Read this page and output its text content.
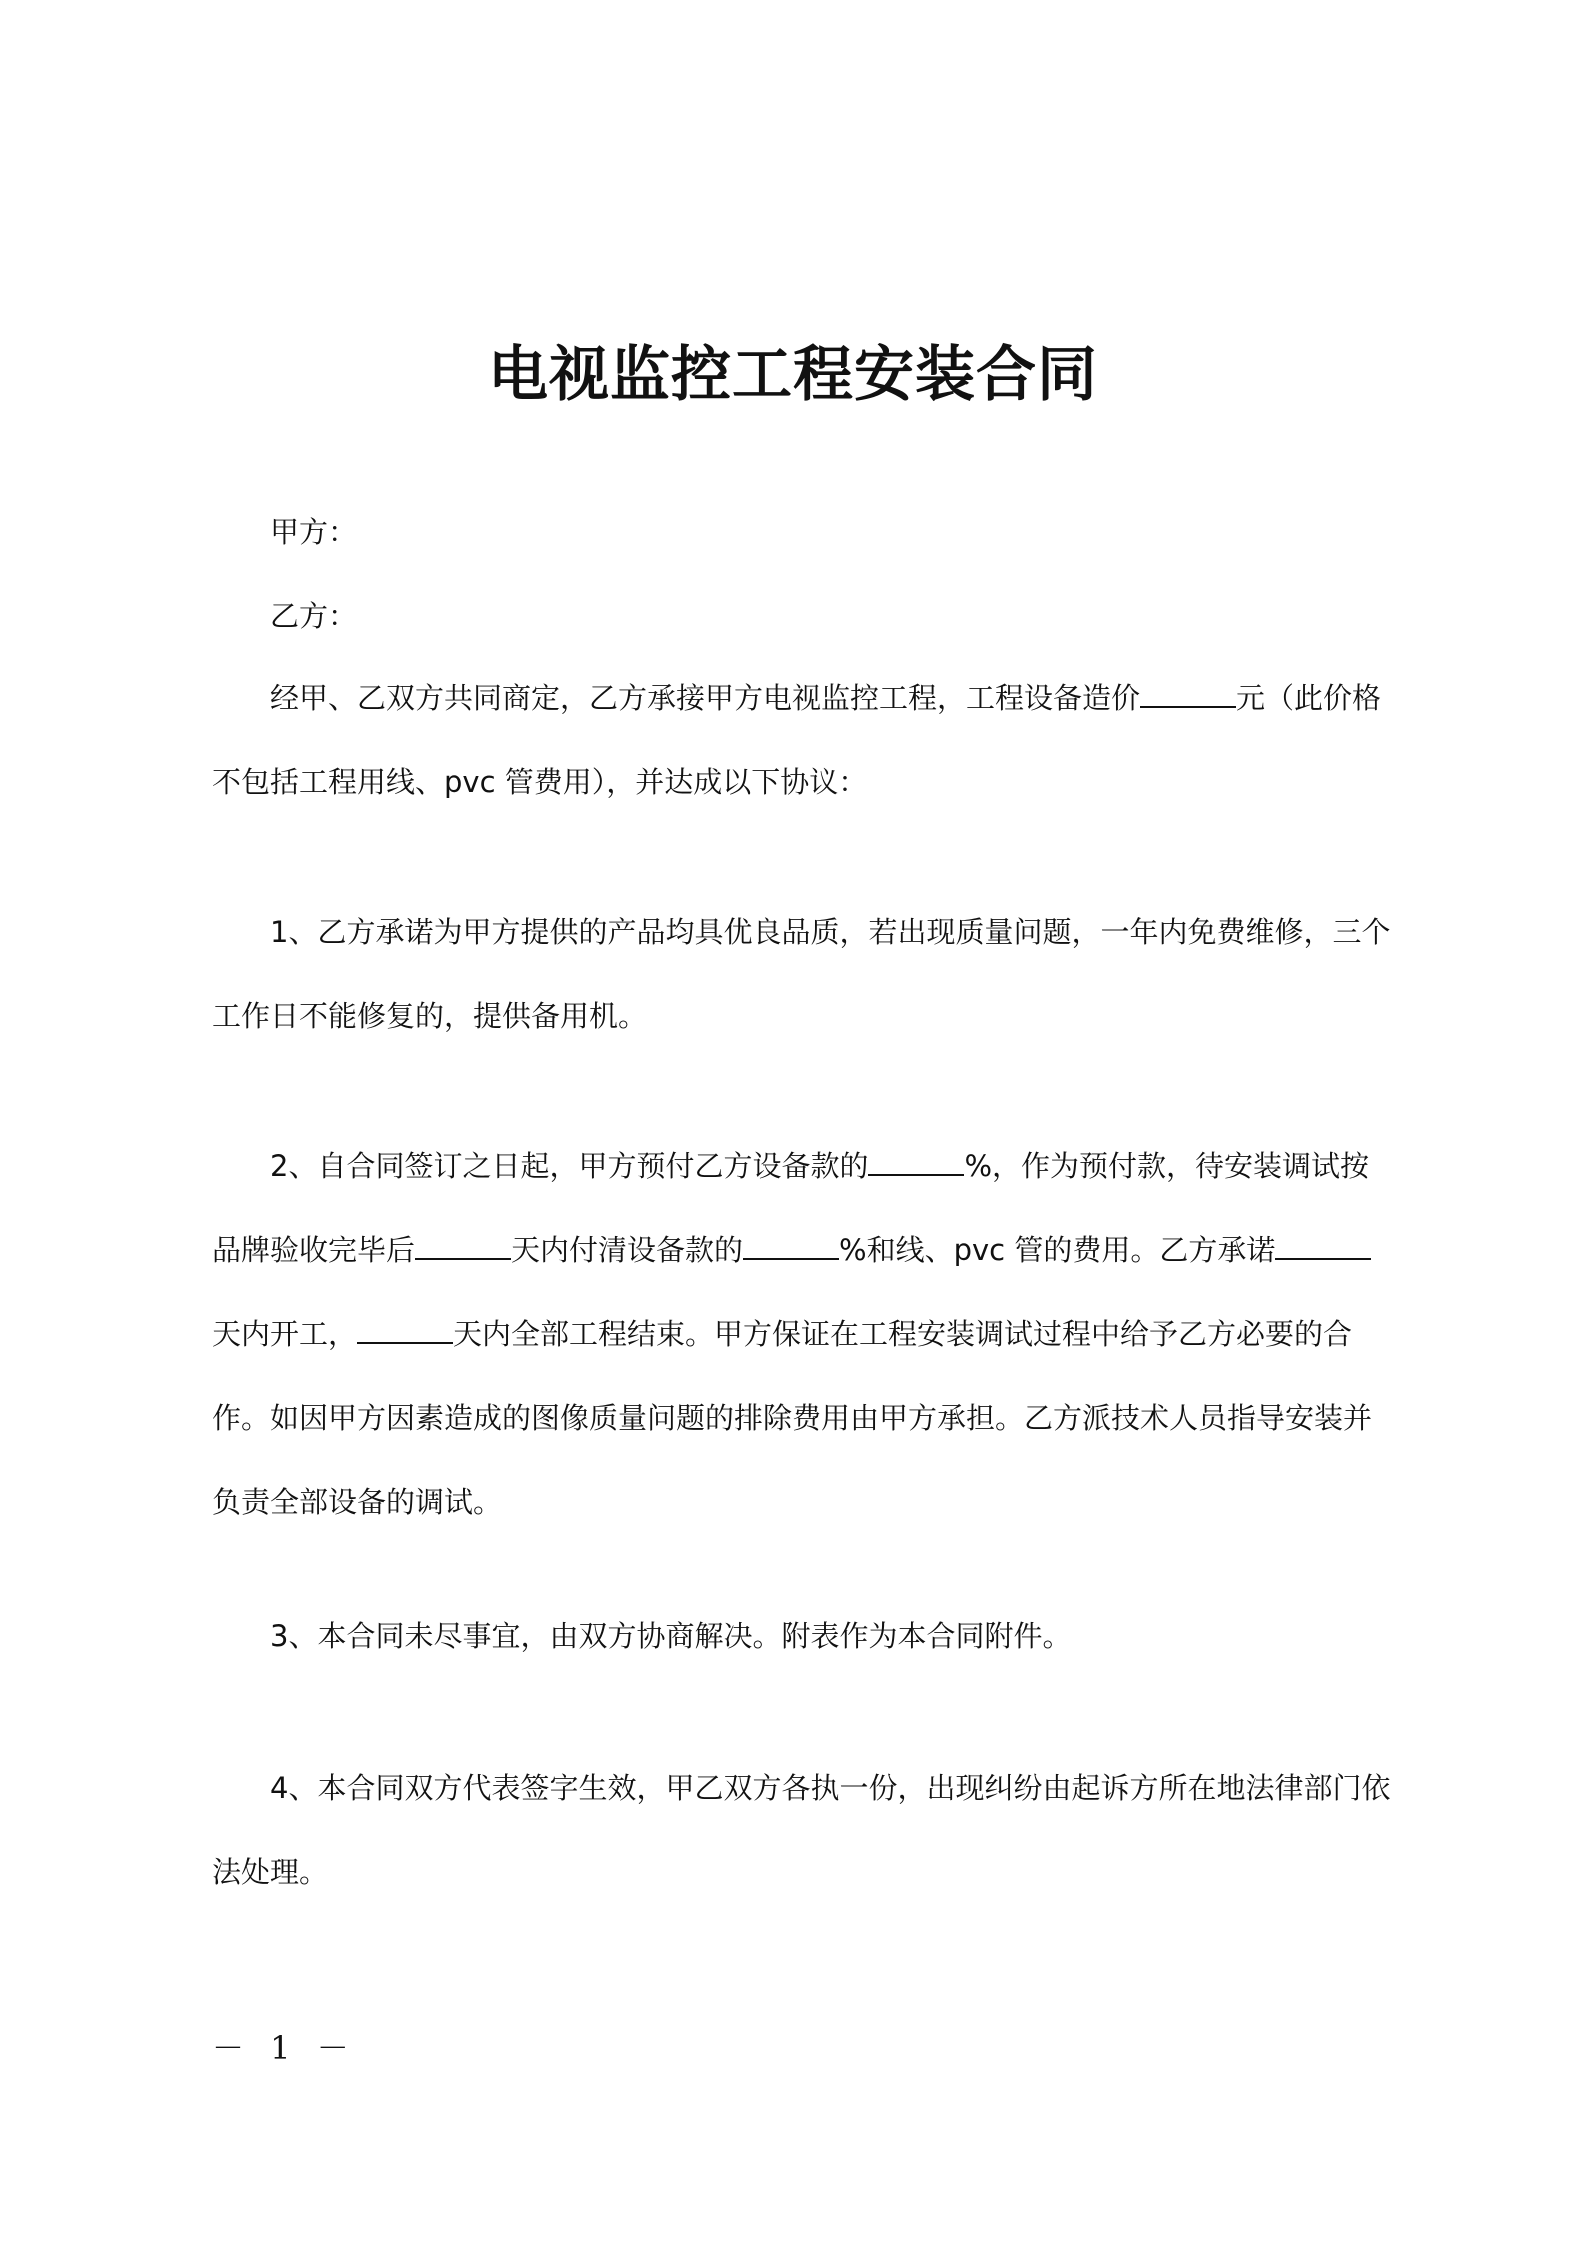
电视监控工程安装合同

甲方：

乙方：

经甲、乙双方共同商定，乙方承接甲方电视监控工程，工程设备造价	元（此价格不包括工程用线、pvc 管费用），并达成以下协议：

1、乙方承诺为甲方提供的产品均具优良品质，若出现质量问题，一年内免费维修，三个工作日不能修复的，提供备用机。

2、自合同签订之日起，甲方预付乙方设备款的	%，作为预付款，待安装调试按品牌验收完毕后	天内付清设备款的	%和线、pvc 管的费用。乙方承诺天内开工，	天内全部工程结束。甲方保证在工程安装调试过程中给予乙方必要的合作。如因甲方因素造成的图像质量问题的排除费用由甲方承担。乙方派技术人员指导安装并负责全部设备的调试。

3、本合同未尽事宜，由双方协商解决。附表作为本合同附件。

4、本合同双方代表签字生效，甲乙双方各执一份，出现纠纷由起诉方所在地法律部门依法处理。

－ 1 －
